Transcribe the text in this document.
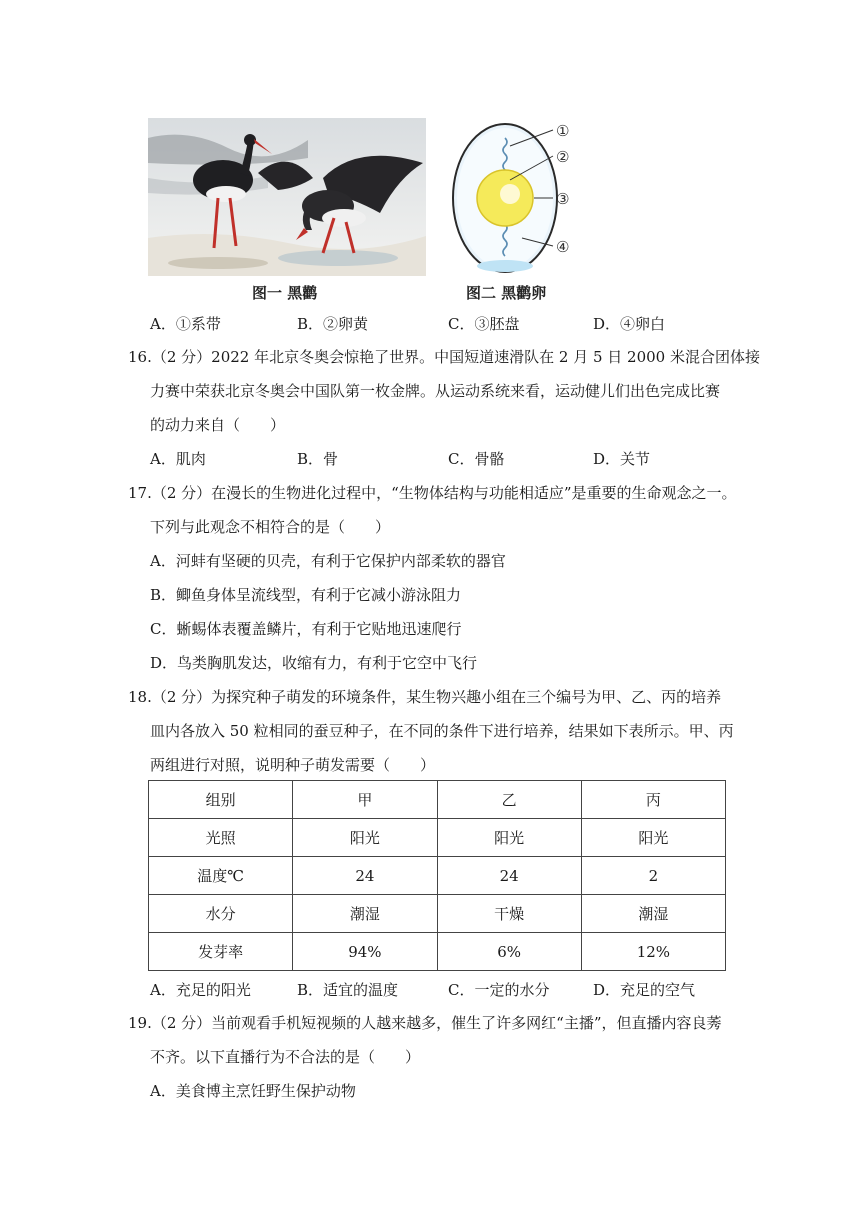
①
②
③
④
图一 黑鹳	图二 黑鹳卵
A．①系带	B．②卵黄	C．③胚盘	D．④卵白
16.（2 分）2022 年北京冬奥会惊艳了世界。中国短道速滑队在 2 月 5 日 2000 米混合团体接
力赛中荣获北京冬奥会中国队第一枚金牌。从运动系统来看，运动健儿们出色完成比赛
的动力来自（　　）
A．肌肉	B．骨	C．骨骼	D．关节
17.（2 分）在漫长的生物进化过程中，“生物体结构与功能相适应”是重要的生命观念之一。
下列与此观念不相符合的是（　　）
A．河蚌有坚硬的贝壳，有利于它保护内部柔软的器官
B．鲫鱼身体呈流线型，有利于它减小游泳阻力
C．蜥蜴体表覆盖鳞片，有利于它贴地迅速爬行
D．鸟类胸肌发达，收缩有力，有利于它空中飞行
18.（2 分）为探究种子萌发的环境条件，某生物兴趣小组在三个编号为甲、乙、丙的培养
皿内各放入 50 粒相同的蚕豆种子，在不同的条件下进行培养，结果如下表所示。甲、丙
两组进行对照，说明种子萌发需要（　　）
组别	甲	乙	丙
光照	阳光	阳光	阳光
温度℃	24	24	2
水分	潮湿	干燥	潮湿
发芽率	94%	6%	12%
A．充足的阳光	B．适宜的温度	C．一定的水分	D．充足的空气
19.（2 分）当前观看手机短视频的人越来越多，催生了许多网红“主播”，但直播内容良莠
不齐。以下直播行为不合法的是（　　）
A．美食博主烹饪野生保护动物
